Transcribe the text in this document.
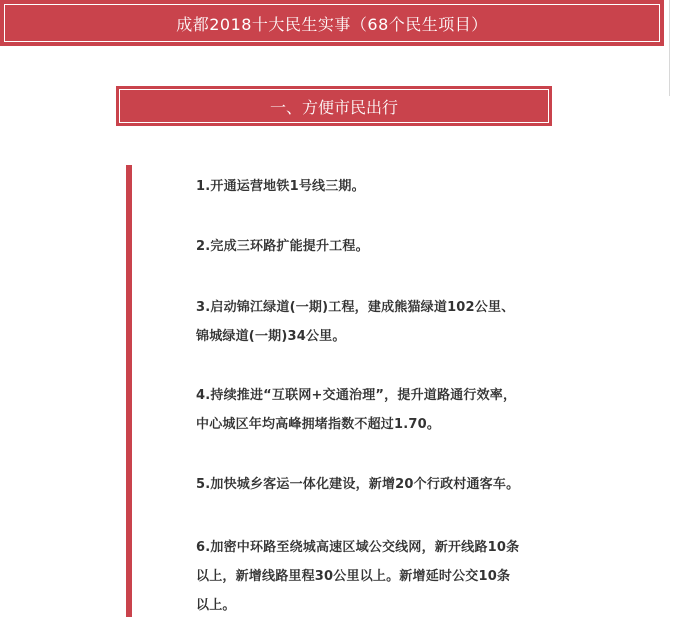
成都2018十大民生实事（68个民生项目）
一、方便市民出行

1.开通运营地铁1号线三期。

2.完成三环路扩能提升工程。

3.启动锦江绿道(一期)工程，建成熊猫绿道102公里、

锦城绿道(一期)34公里。

4.持续推进“互联网+交通治理”，提升道路通行效率，

中心城区年均高峰拥堵指数不超过1.70。

5.加快城乡客运一体化建设，新增20个行政村通客车。

6.加密中环路至绕城高速区域公交线网，新开线路10条

以上，新增线路里程30公里以上。新增延时公交10条

以上。
